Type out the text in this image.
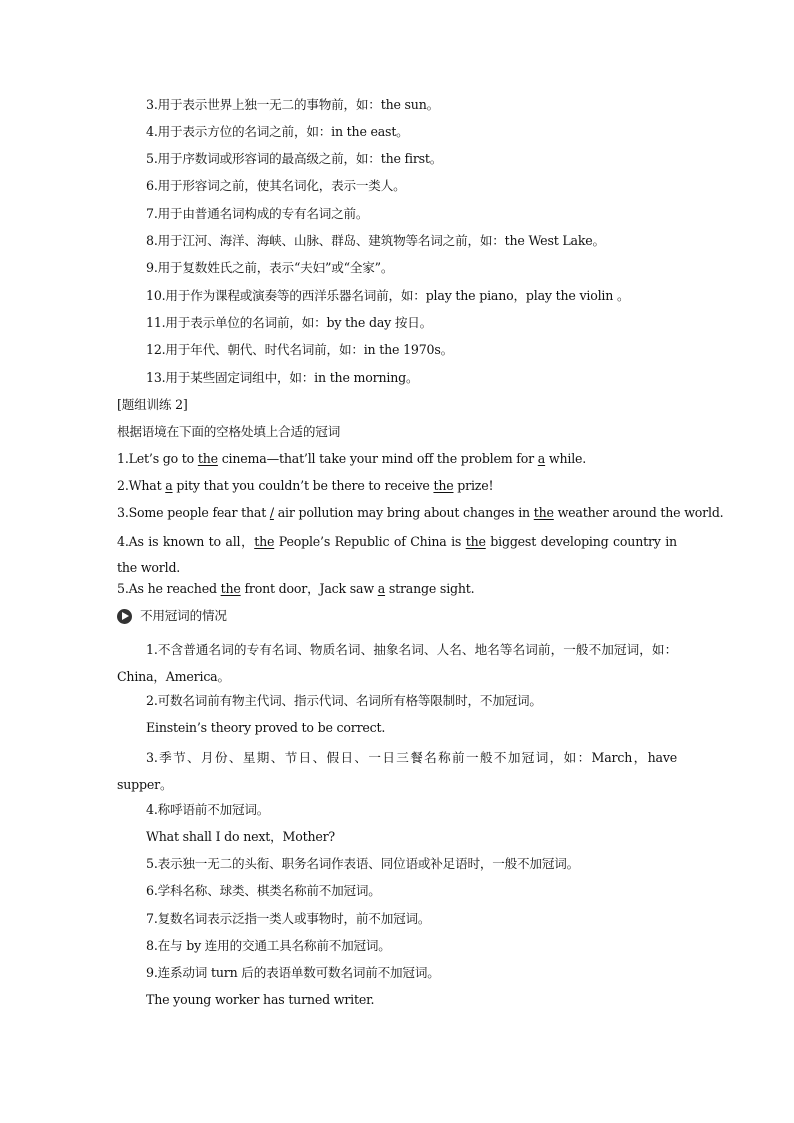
3.用于表示世界上独一无二的事物前，如：the sun。
4.用于表示方位的名词之前，如：in the east。
5.用于序数词或形容词的最高级之前，如：the first。
6.用于形容词之前，使其名词化，表示一类人。
7.用于由普通名词构成的专有名词之前。
8.用于江河、海洋、海峡、山脉、群岛、建筑物等名词之前，如：the West Lake。
9.用于复数姓氏之前，表示“夫妇”或“全家”。
10.用于作为课程或演奏等的西洋乐器名词前，如：play the piano，play the violin 。
11.用于表示单位的名词前，如：by the day 按日。
12.用于年代、朝代、时代名词前，如：in the 1970s。
13.用于某些固定词组中，如：in the morning。
[题组训练 2]
根据语境在下面的空格处填上合适的冠词
1.Let’s go to the cinema—that’ll take your mind off the problem for a while.
2.What a pity that you couldn’t be there to receive the prize!
3.Some people fear that / air pollution may bring about changes in the weather around the world.
4.As is known to all，the People’s Republic of China is the biggest developing country in the world.
5.As he reached the front door，Jack saw a strange sight.
不用冠词的情况
1.不含普通名词的专有名词、物质名词、抽象名词、人名、地名等名词前，一般不加冠词，如：China，America。
2.可数名词前有物主代词、指示代词、名词所有格等限制时，不加冠词。
Einstein’s theory proved to be correct.
3.季节、月份、星期、节日、假日、一日三餐名称前一般不加冠词，如：March，have supper。
4.称呼语前不加冠词。
What shall I do next，Mother?
5.表示独一无二的头衔、职务名词作表语、同位语或补足语时，一般不加冠词。
6.学科名称、球类、棋类名称前不加冠词。
7.复数名词表示泛指一类人或事物时，前不加冠词。
8.在与 by 连用的交通工具名称前不加冠词。
9.连系动词 turn 后的表语单数可数名词前不加冠词。
The young worker has turned writer.
